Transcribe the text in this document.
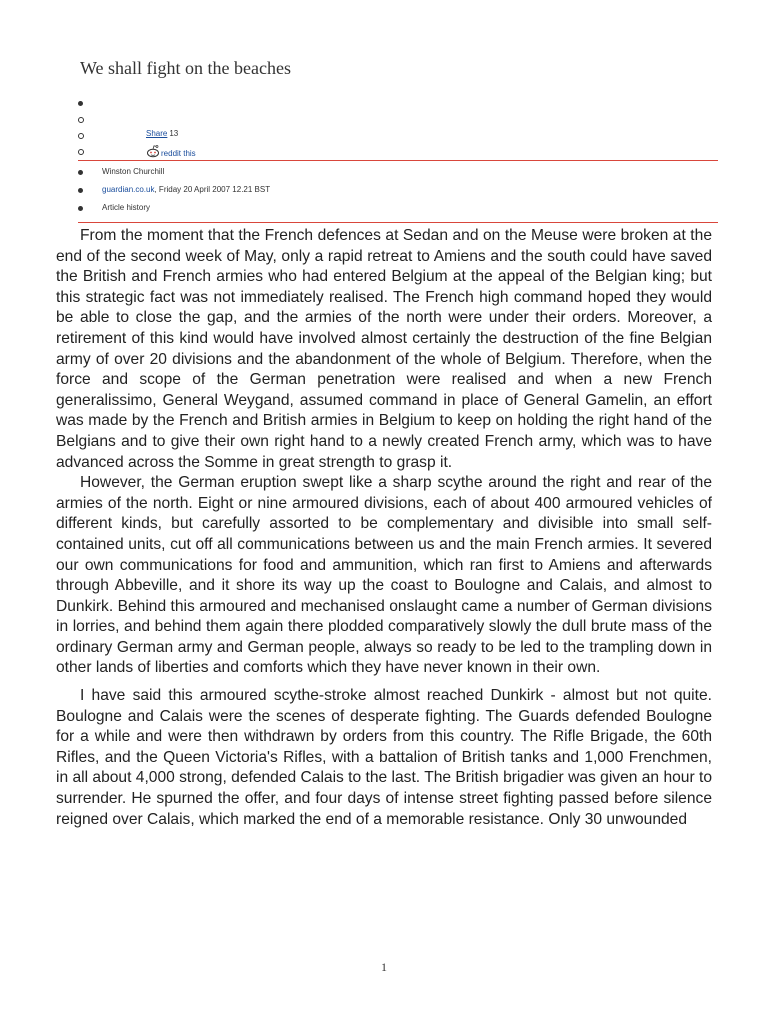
We shall fight on the beaches
Share 13
reddit this
Winston Churchill
guardian.co.uk, Friday 20 April 2007 12.21 BST
Article history

From the moment that the French defences at Sedan and on the Meuse were broken at the end of the second week of May, only a rapid retreat to Amiens and the south could have saved the British and French armies who had entered Belgium at the appeal of the Belgian king; but this strategic fact was not immediately realised. The French high command hoped they would be able to close the gap, and the armies of the north were under their orders. Moreover, a retirement of this kind would have involved almost certainly the destruction of the fine Belgian army of over 20 divisions and the abandonment of the whole of Belgium. Therefore, when the force and scope of the German penetration were realised and when a new French generalissimo, General Weygand, assumed command in place of General Gamelin, an effort was made by the French and British armies in Belgium to keep on holding the right hand of the Belgians and to give their own right hand to a newly created French army, which was to have advanced across the Somme in great strength to grasp it.

However, the German eruption swept like a sharp scythe around the right and rear of the armies of the north. Eight or nine armoured divisions, each of about 400 armoured vehicles of different kinds, but carefully assorted to be complementary and divisible into small self-contained units, cut off all communications between us and the main French armies. It severed our own communications for food and ammunition, which ran first to Amiens and afterwards through Abbeville, and it shore its way up the coast to Boulogne and Calais, and almost to Dunkirk. Behind this armoured and mechanised onslaught came a number of German divisions in lorries, and behind them again there plodded comparatively slowly the dull brute mass of the ordinary German army and German people, always so ready to be led to the trampling down in other lands of liberties and comforts which they have never known in their own.

I have said this armoured scythe-stroke almost reached Dunkirk - almost but not quite. Boulogne and Calais were the scenes of desperate fighting. The Guards defended Boulogne for a while and were then withdrawn by orders from this country. The Rifle Brigade, the 60th Rifles, and the Queen Victoria's Rifles, with a battalion of British tanks and 1,000 Frenchmen, in all about 4,000 strong, defended Calais to the last. The British brigadier was given an hour to surrender. He spurned the offer, and four days of intense street fighting passed before silence reigned over Calais, which marked the end of a memorable resistance. Only 30 unwounded

1
